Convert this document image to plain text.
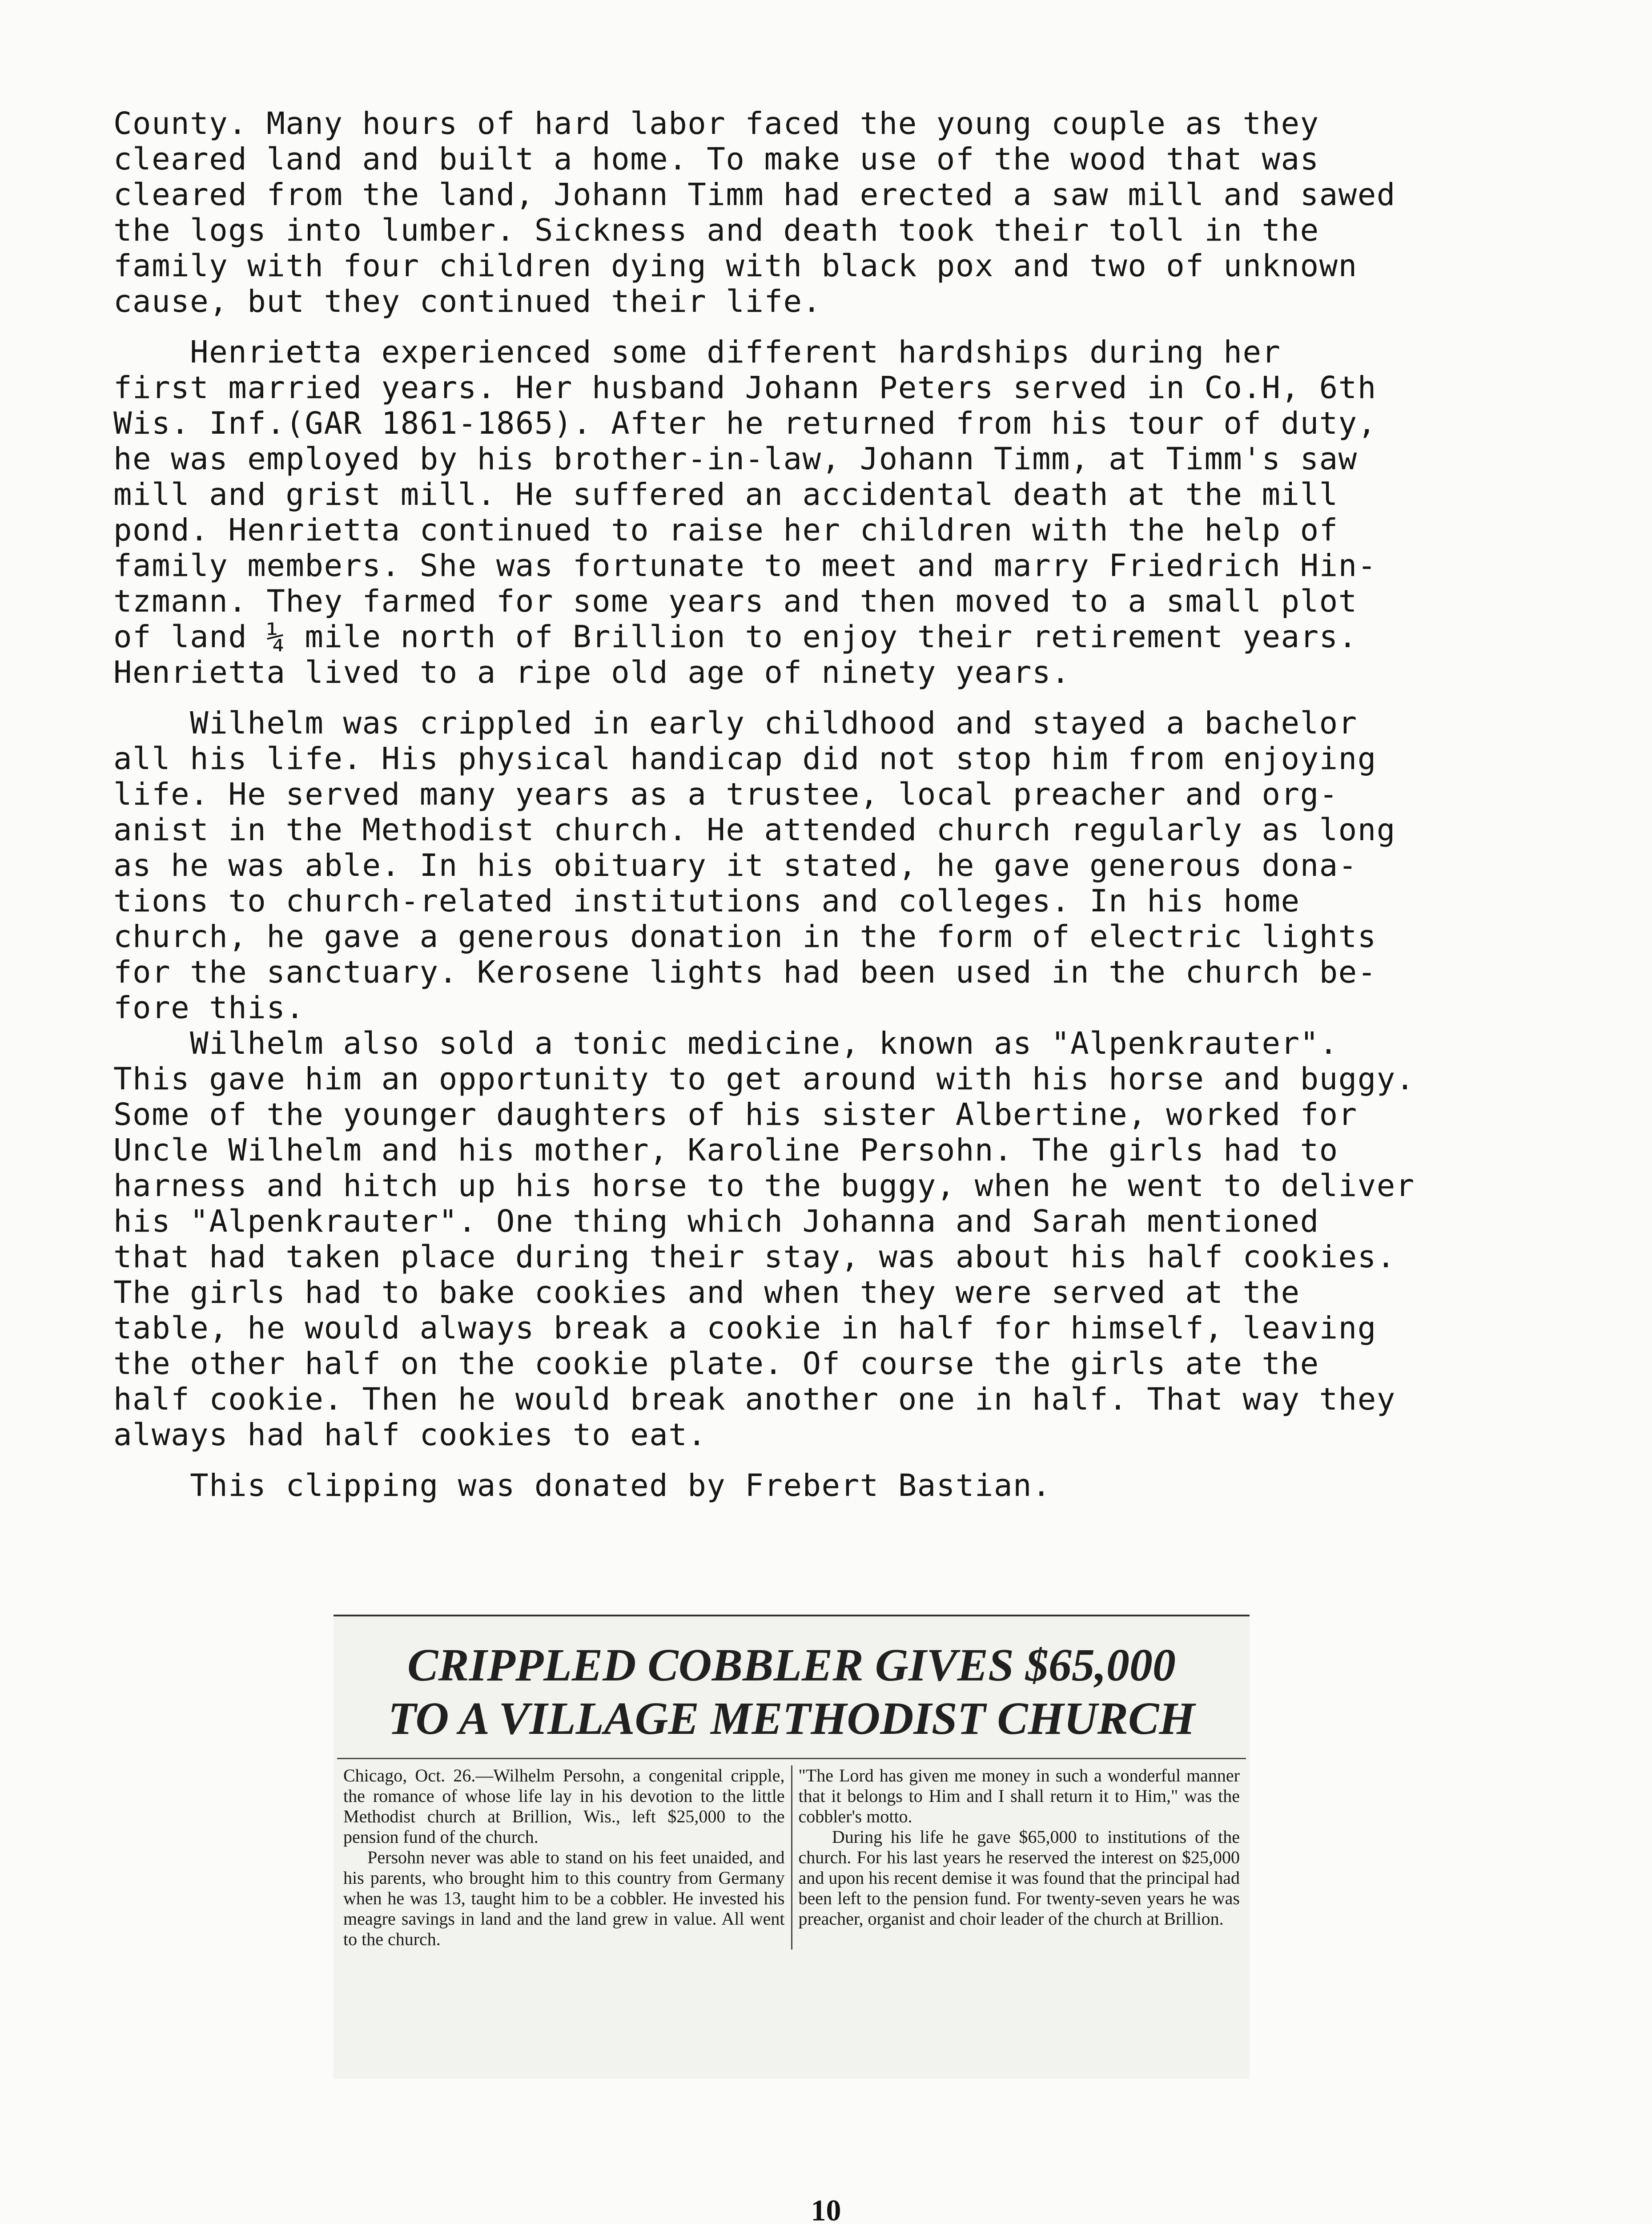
County. Many hours of hard labor faced the young couple as they
cleared land and built a home. To make use of the wood that was
cleared from the land, Johann Timm had erected a saw mill and sawed
the logs into lumber. Sickness and death took their toll in the
family with four children dying with black pox and two of unknown
cause, but they continued their life.

Henrietta experienced some different hardships during her
first married years. Her husband Johann Peters served in Co.H, 6th
Wis. Inf.(GAR 1861-1865). After he returned from his tour of duty,
he was employed by his brother-in-law, Johann Timm, at Timm's saw
mill and grist mill. He suffered an accidental death at the mill
pond. Henrietta continued to raise her children with the help of
family members. She was fortunate to meet and marry Friedrich Hin-
tzmann. They farmed for some years and then moved to a small plot
of land ¼ mile north of Brillion to enjoy their retirement years.
Henrietta lived to a ripe old age of ninety years.

Wilhelm was crippled in early childhood and stayed a bachelor
all his life. His physical handicap did not stop him from enjoying
life. He served many years as a trustee, local preacher and org-
anist in the Methodist church. He attended church regularly as long
as he was able. In his obituary it stated, he gave generous dona-
tions to church-related institutions and colleges. In his home
church, he gave a generous donation in the form of electric lights
for the sanctuary. Kerosene lights had been used in the church be-
fore this.

Wilhelm also sold a tonic medicine, known as "Alpenkrauter".
This gave him an opportunity to get around with his horse and buggy.
Some of the younger daughters of his sister Albertine, worked for
Uncle Wilhelm and his mother, Karoline Persohn. The girls had to
harness and hitch up his horse to the buggy, when he went to deliver
his "Alpenkrauter". One thing which Johanna and Sarah mentioned
that had taken place during their stay, was about his half cookies.
The girls had to bake cookies and when they were served at the
table, he would always break a cookie in half for himself, leaving
the other half on the cookie plate. Of course the girls ate the
half cookie. Then he would break another one in half. That way they
always had half cookies to eat.

This clipping was donated by Frebert Bastian.

CRIPPLED COBBLER GIVES $65,000
TO A VILLAGE METHODIST CHURCH
Chicago, Oct. 26.—Wilhelm Persohn, a congenital cripple, the romance of whose life lay in his devotion to the little Methodist church at Brillion, Wis., left $25,000 to the pension fund of the church.
Persohn never was able to stand on his feet unaided, and his parents, who brought him to this country from Germany when he was 13, taught him to be a cobbler. He invested his meagre savings in land and the land grew in value. All went to the church.
"The Lord has given me money in such a wonderful manner that it belongs to Him and I shall return it to Him," was the cobbler's motto.
During his life he gave $65,000 to institutions of the church. For his last years he reserved the interest on $25,000 and upon his recent demise it was found that the principal had been left to the pension fund. For twenty-seven years he was preacher, organist and choir leader of the church at Brillion.
10
